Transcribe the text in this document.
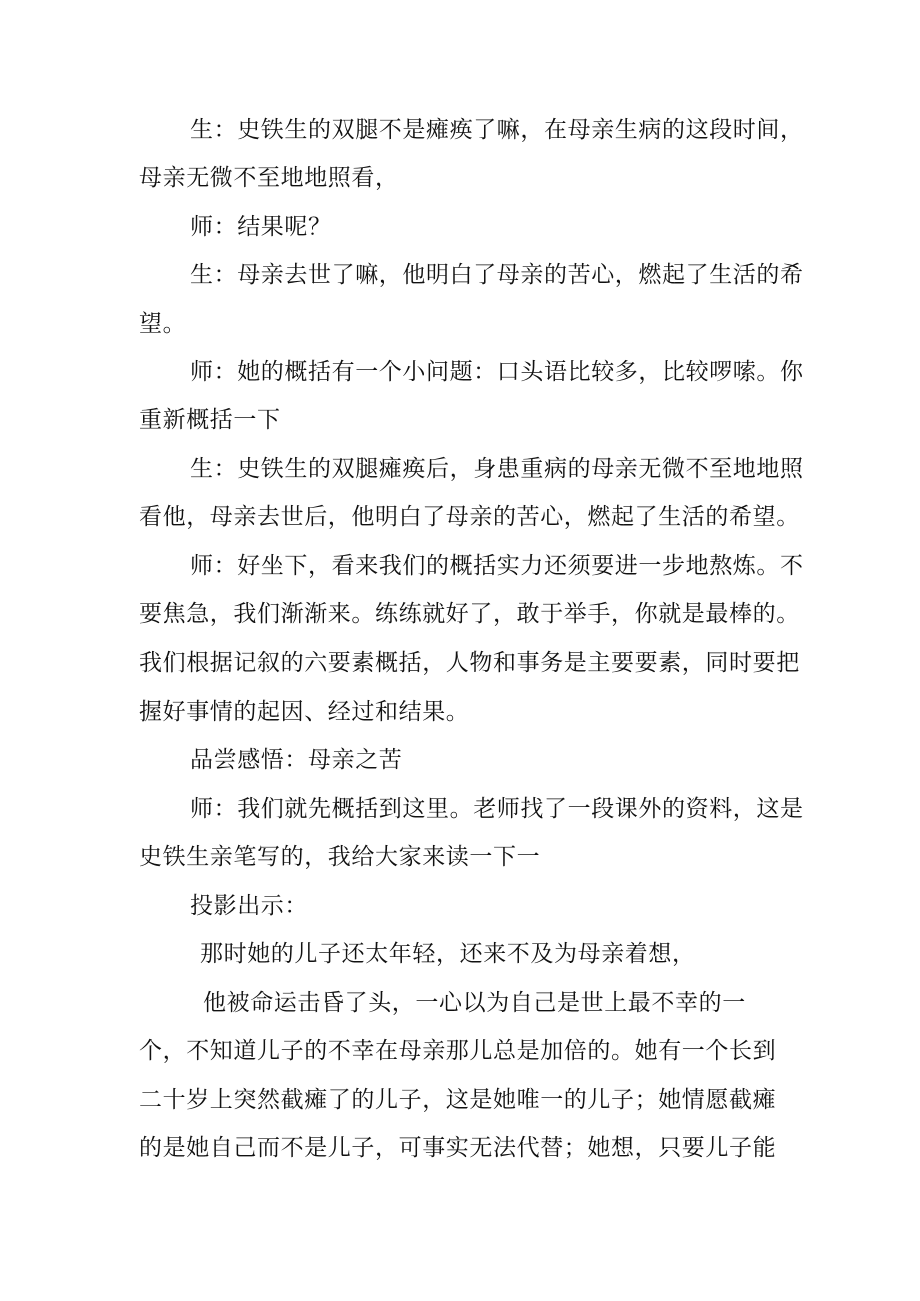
生：史铁生的双腿不是瘫痪了嘛，在母亲生病的这段时间，
母亲无微不至地地照看，
师：结果呢？
生：母亲去世了嘛，他明白了母亲的苦心，燃起了生活的希
望。
师：她的概括有一个小问题：口头语比较多，比较啰嗦。你
重新概括一下
生：史铁生的双腿瘫痪后，身患重病的母亲无微不至地地照
看他，母亲去世后，他明白了母亲的苦心，燃起了生活的希望。
师：好坐下，看来我们的概括实力还须要进一步地熬炼。不
要焦急，我们渐渐来。练练就好了，敢于举手，你就是最棒的。
我们根据记叙的六要素概括，人物和事务是主要要素，同时要把
握好事情的起因、经过和结果。
品尝感悟：母亲之苦
师：我们就先概括到这里。老师找了一段课外的资料，这是
史铁生亲笔写的，我给大家来读一下一
投影出示：
那时她的儿子还太年轻，还来不及为母亲着想，
他被命运击昏了头，一心以为自己是世上最不幸的一
个，不知道儿子的不幸在母亲那儿总是加倍的。她有一个长到
二十岁上突然截瘫了的儿子，这是她唯一的儿子；她情愿截瘫
的是她自己而不是儿子，可事实无法代替；她想，只要儿子能
